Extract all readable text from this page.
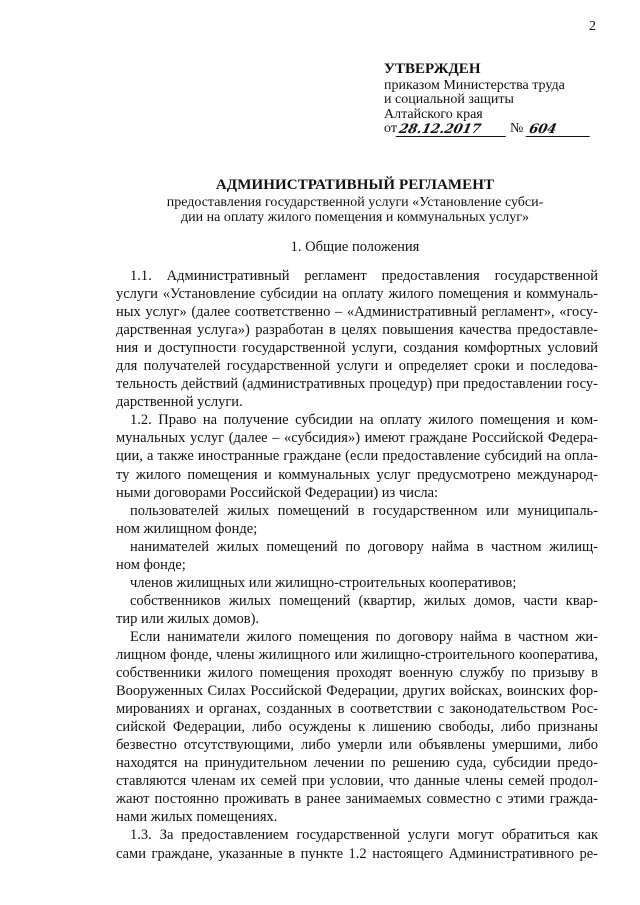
2
УТВЕРЖДЕН
приказом Министерства труда
и социальной защиты
Алтайского края
от 28.12.2017	№ 604
АДМИНИСТРАТИВНЫЙ РЕГЛАМЕНТ
предоставления государственной услуги «Установление субси-
дии на оплату жилого помещения и коммунальных услуг»
1. Общие положения

1.1. Административный регламент предоставления государственной

услуги «Установление субсидии на оплату жилого помещения и коммуналь-

ных услуг» (далее соответственно – «Административный регламент», «госу-

дарственная услуга») разработан в целях повышения качества предоставле-

ния и доступности государственной услуги, создания комфортных условий

для получателей государственной услуги и определяет сроки и последова-

тельность действий (административных процедур) при предоставлении госу-

дарственной услуги.

1.2. Право на получение субсидии на оплату жилого помещения и ком-

мунальных услуг (далее – «субсидия») имеют граждане Российской Федера-

ции, а также иностранные граждане (если предоставление субсидий на опла-

ту жилого помещения и коммунальных услуг предусмотрено международ-

ными договорами Российской Федерации) из числа:

пользователей жилых помещений в государственном или муниципаль-

ном жилищном фонде;

нанимателей жилых помещений по договору найма в частном жилищ-

ном фонде;

членов жилищных или жилищно-строительных кооперативов;

собственников жилых помещений (квартир, жилых домов, части квар-

тир или жилых домов).

Если наниматели жилого помещения по договору найма в частном жи-

лищном фонде, члены жилищного или жилищно-строительного кооператива,

собственники жилого помещения проходят военную службу по призыву в

Вооруженных Силах Российской Федерации, других войсках, воинских фор-

мированиях и органах, созданных в соответствии с законодательством Рос-

сийской Федерации, либо осуждены к лишению свободы, либо признаны

безвестно отсутствующими, либо умерли или объявлены умершими, либо

находятся на принудительном лечении по решению суда, субсидии предо-

ставляются членам их семей при условии, что данные члены семей продол-

жают постоянно проживать в ранее занимаемых совместно с этими гражда-

нами жилых помещениях.

1.3. За предоставлением государственной услуги могут обратиться как

сами граждане, указанные в пункте 1.2 настоящего Административного ре-
